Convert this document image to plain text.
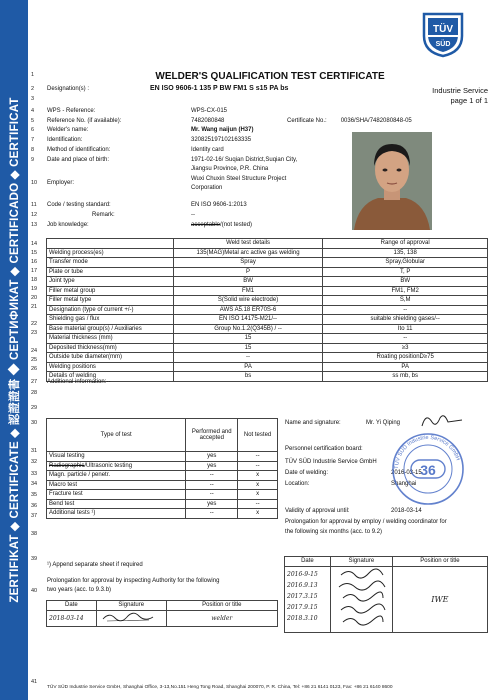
ZERTIFIKAT ◆ CERTIFICATE ◆ 認證證書 ◆ СЕРТИФИКАТ ◆ CERTIFICADO ◆ CERTIFICAT
TÜV
SÜD
Industrie Service
page 1 of 1
WELDER'S QUALIFICATION TEST CERTIFICATE
1
2
3
4
5
6
7
8
9
10
11
12
13
14
15
16
17
18
19
20
21
22
23
24
25
26
27
28
29
30
31
32
33
34
35
36
37
38
39
40
41
Designation(s) :	EN ISO 9606-1 135 P BW FM1 S s15 PA bs
WPS - Reference:	WPS-CX-015
Reference No. (if available):	7482080848	Certificate No.: 0036/SHA/7482080848-05
Welder's name:	Mr. Wang naijun (H37)
Identification:	320825197102163335
Method of identification:	Identity card
Date and place of birth:	1971-02-16/ Suqian District,Suqian City,
Jiangsu Province, P.R. China
Employer:
Wuxi Chuxin Steel Structure Project
Corporation
Code / testing standard:	EN ISO 9606-1:2013
Remark:	--
Job knowledge:	acceptable/(not tested)
	Weld test details	Range of approval
Welding process(es)	135(MAG)Metal arc active gas welding	135, 138
Transfer mode	Spray	Spray,Globular
Plate or tube	P	T, P
Joint type	BW	BW
Filler metal group	FM1	FM1, FM2
Filler metal type	S(Solid wire electrode)	S,M
Designation (type of current +/-)	AWS A5.18 ER70S-6	--
Shielding gas / flux	EN ISO 14175-M21/--	suitable shielding gases/--
Base material group(s) / Auxiliaries	Group No.1.2(Q345B) / --	Ito 11
Material thickness (mm)	15	--
Deposited thickness(mm)	15	≥3
Outside tube diameter(mm)	--	Roating positionD≥75
Welding positions	PA	PA
Details of welding	bs	ss mb, bs
Additional information:--
Type of test	Performed and accepted	Not tested
Visual testing	yes	--
Radiographic/Ultrasonic testing	yes	--
Magn. particle / penetr.	--	x
Macro test	--	x
Fracture test	--	x
Bend test	yes	--
Additional tests ¹)	--	x
¹) Append separate sheet if required
Prolongation for approval by inspecting Authority for the following
two years (acc. to 9.3.b)
Date	Signature	Position or title
2018-03-14		welder
Name and signature:	Mr. Yi Qiping
Personnel certification board:
TÜV SÜD Industrie Service GmbH
Date of welding:	2016-03-15
Location:	Shanghai
Validity of approval until:	2018-03-14
Prolongation for approval by employ / welding coordinator for
the following six months (acc. to 9.2)
TÜV SÜD Industrie Service GmbH
36
Date	Signature	Position or title

2016-9-15
2016.9.13
2017.3.15
2017.9.15
2018.3.10		IWE
TÜV SÜD Industrie Service GmbH, Shanghai Office, 3-13,No.151 Heng Tong Road, Shanghai 200070, P. R. China, Tel: +86 21 6141 0123, Fax: +86 21 6140 8600
